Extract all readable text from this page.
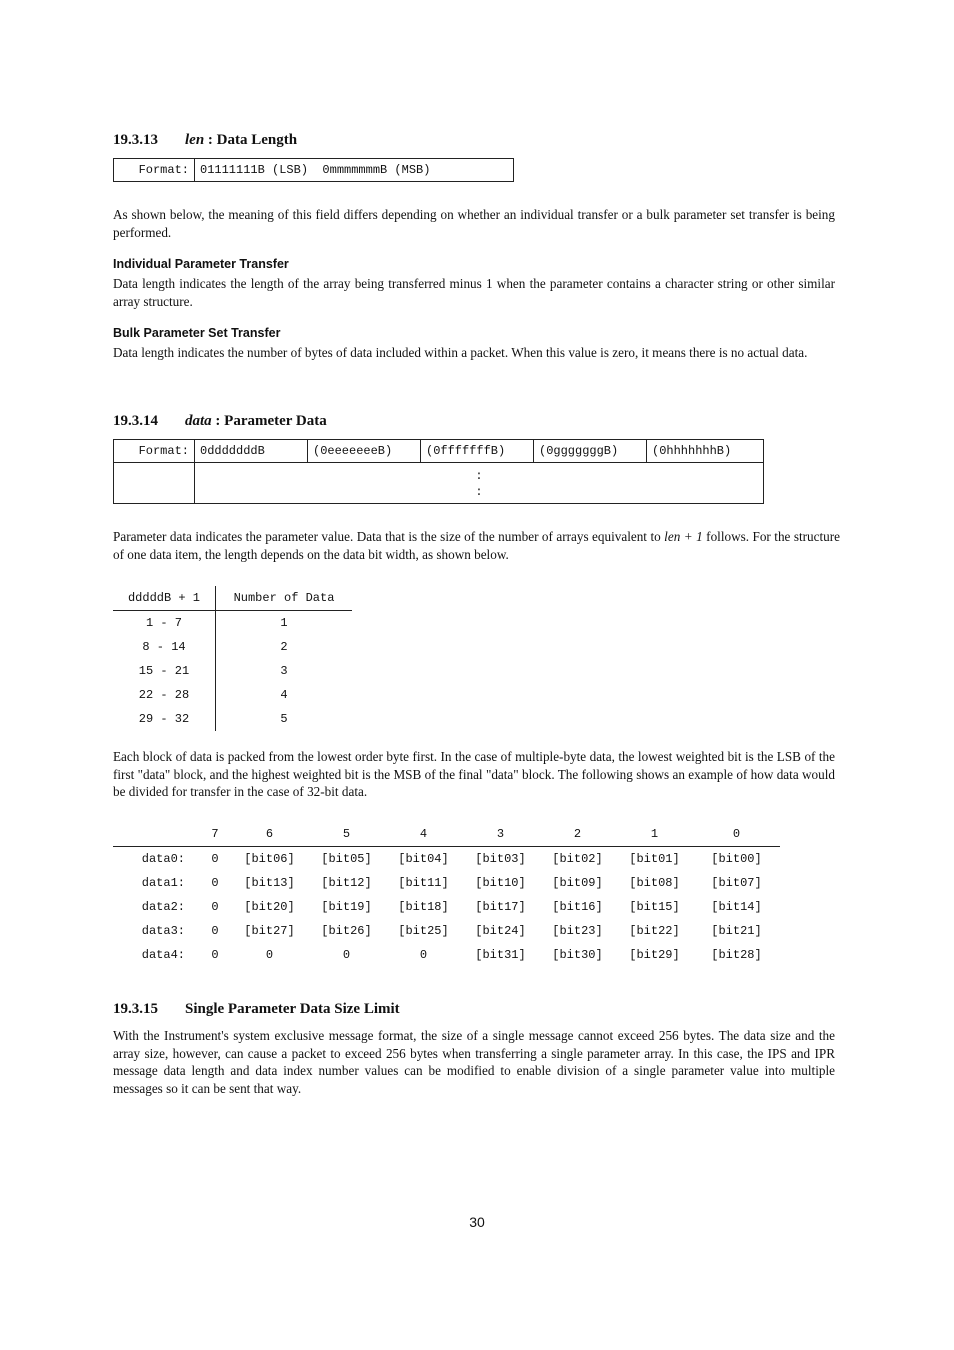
19.3.13 len : Data Length
Format:	01111111B (LSB)  0mmmmmmmB (MSB)
As shown below, the meaning of this field differs depending on whether an individual transfer or a bulk parameter set transfer is being performed.
Individual Parameter Transfer
Data length indicates the length of the array being transferred minus 1 when the parameter contains a character string or other similar array structure.
Bulk Parameter Set Transfer
Data length indicates the number of bytes of data included within a packet. When this value is zero, it means there is no actual data.
19.3.14 data : Parameter Data
Format:	0dddddddB	(0eeeeeeeB)	(0fffffffB)	(0gggggggB)	(0hhhhhhhB)

	:
:				
Parameter data indicates the parameter value. Data that is the size of the number of arrays equivalent to len + 1 follows. For the structure of one data item, the length depends on the data bit width, as shown below.
dddddB + 1	Number of Data
1 - 7	1
8 - 14	2
15 - 21	3
22 - 28	4
29 - 32	5
Each block of data is packed from the lowest order byte first. In the case of multiple-byte data, the lowest weighted bit is the LSB of the first "data" block, and the highest weighted bit is the MSB of the final "data" block. The following shows an example of how data would be divided for transfer in the case of 32-bit data.
	7	6	5	4	3	2	1	0
data0:	0	[bit06]	[bit05]	[bit04]	[bit03]	[bit02]	[bit01]	[bit00]
data1:	0	[bit13]	[bit12]	[bit11]	[bit10]	[bit09]	[bit08]	[bit07]
data2:	0	[bit20]	[bit19]	[bit18]	[bit17]	[bit16]	[bit15]	[bit14]
data3:	0	[bit27]	[bit26]	[bit25]	[bit24]	[bit23]	[bit22]	[bit21]
data4:	0	0	0	0	[bit31]	[bit30]	[bit29]	[bit28]
19.3.15 Single Parameter Data Size Limit
With the Instrument's system exclusive message format, the size of a single message cannot exceed 256 bytes. The data size and the array size, however, can cause a packet to exceed 256 bytes when transferring a single parameter array. In this case, the IPS and IPR message data length and data index number values can be modified to enable division of a single parameter value into multiple messages so it can be sent that way.
30
